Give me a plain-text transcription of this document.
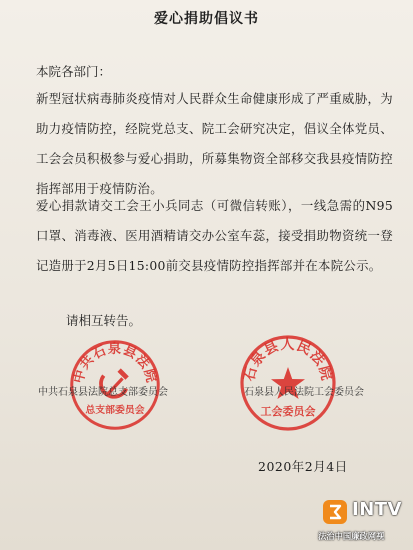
爱心捐助倡议书
本院各部门：

新型冠状病毒肺炎疫情对人民群众生命健康形成了严重威胁，为助力疫情防控，经院党总支、院工会研究决定，倡议全体党员、工会会员积极参与爱心捐助，所募集物资全部移交我县疫情防控指挥部用于疫情防治。

爱心捐款请交工会王小兵同志（可微信转账），一线急需的N95口罩、消毒液、医用酒精请交办公室车蕊，接受捐助物资统一登记造册于2月5日15:00前交县疫情防控指挥部并在本院公示。

请相互转告。
中共石泉县法院
总支部委员会
中共石泉县法院总支部委员会
石泉县人民法院
工会委员会
石泉县人民法院工会委员会
2020年2月4日
INTV
法治中国廉政网视
